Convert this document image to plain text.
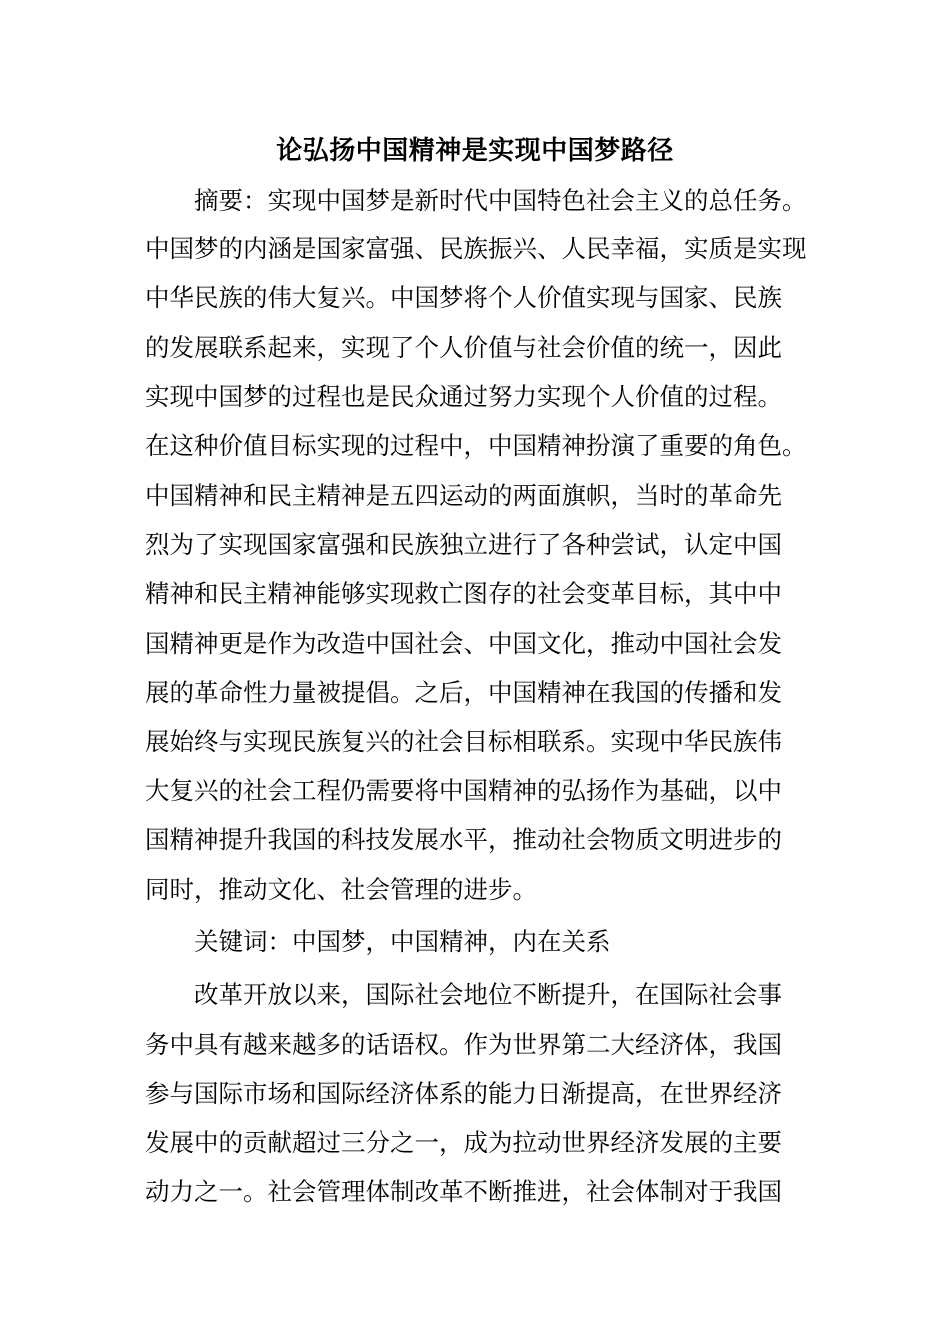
论弘扬中国精神是实现中国梦路径

摘要：实现中国梦是新时代中国特色社会主义的总任务。

中国梦的内涵是国家富强、民族振兴、人民幸福，实质是实现

中华民族的伟大复兴。中国梦将个人价值实现与国家、民族

的发展联系起来，实现了个人价值与社会价值的统一，因此

实现中国梦的过程也是民众通过努力实现个人价值的过程。

在这种价值目标实现的过程中，中国精神扮演了重要的角色。

中国精神和民主精神是五四运动的两面旗帜，当时的革命先

烈为了实现国家富强和民族独立进行了各种尝试，认定中国

精神和民主精神能够实现救亡图存的社会变革目标，其中中

国精神更是作为改造中国社会、中国文化，推动中国社会发

展的革命性力量被提倡。之后，中国精神在我国的传播和发

展始终与实现民族复兴的社会目标相联系。实现中华民族伟

大复兴的社会工程仍需要将中国精神的弘扬作为基础，以中

国精神提升我国的科技发展水平，推动社会物质文明进步的

同时，推动文化、社会管理的进步。

关键词：中国梦，中国精神，内在关系

改革开放以来，国际社会地位不断提升，在国际社会事

务中具有越来越多的话语权。作为世界第二大经济体，我国

参与国际市场和国际经济体系的能力日渐提高，在世界经济

发展中的贡献超过三分之一，成为拉动世界经济发展的主要

动力之一。社会管理体制改革不断推进，社会体制对于我国
